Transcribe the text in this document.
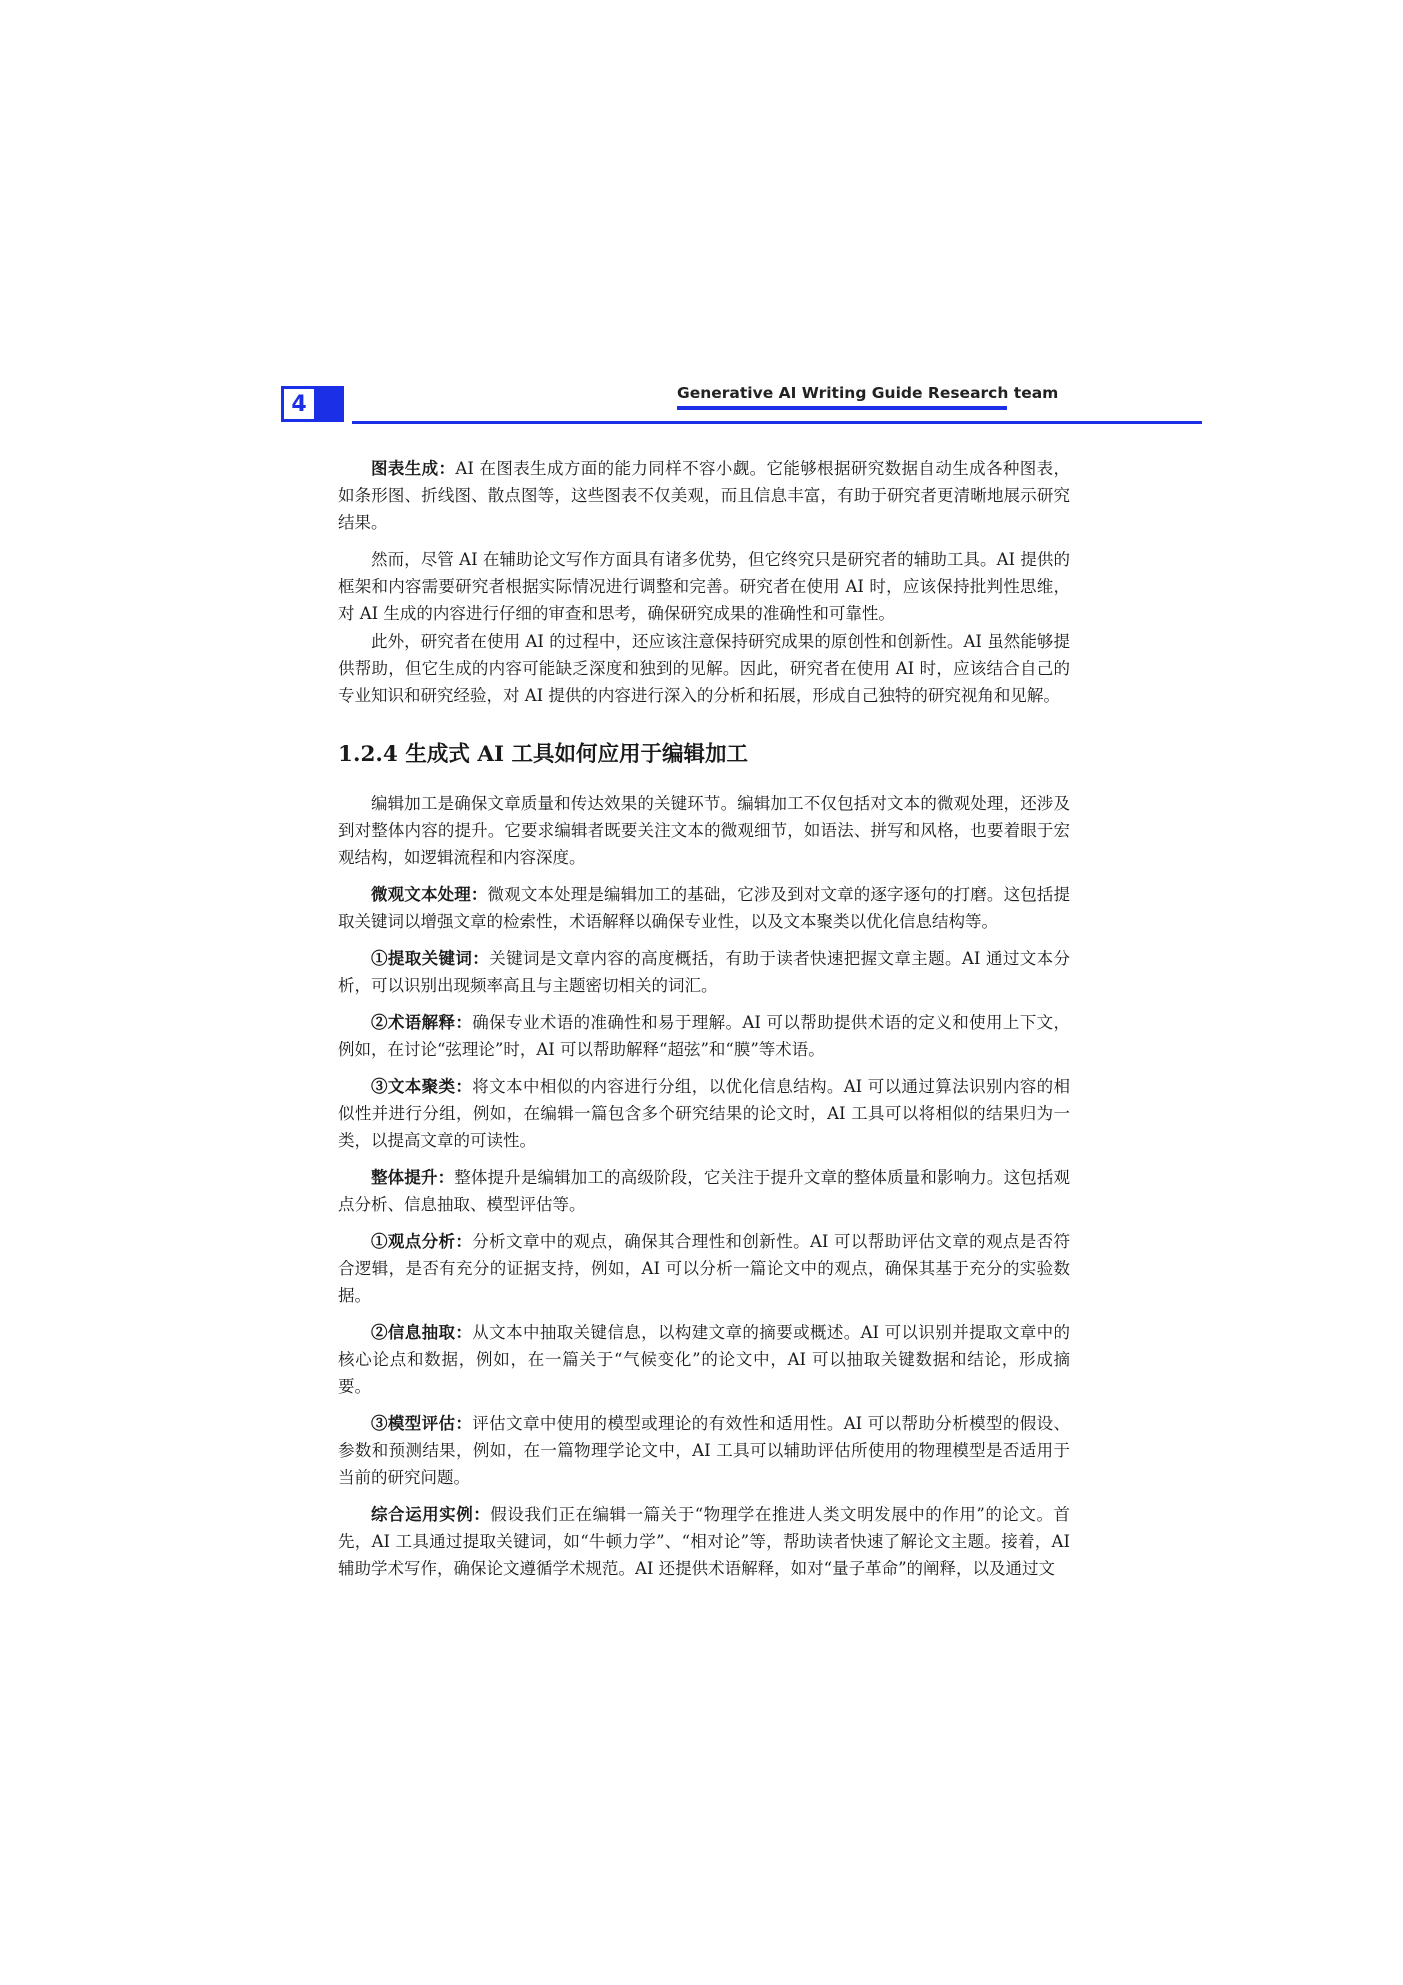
4	Generative AI Writing Guide Research team

图表生成：AI 在图表生成方面的能力同样不容小觑。它能够根据研究数据自动生成各种图表，如条形图、折线图、散点图等，这些图表不仅美观，而且信息丰富，有助于研究者更清晰地展示研究结果。

然而，尽管 AI 在辅助论文写作方面具有诸多优势，但它终究只是研究者的辅助工具。AI 提供的框架和内容需要研究者根据实际情况进行调整和完善。研究者在使用 AI 时，应该保持批判性思维，对 AI 生成的内容进行仔细的审查和思考，确保研究成果的准确性和可靠性。

此外，研究者在使用 AI 的过程中，还应该注意保持研究成果的原创性和创新性。AI 虽然能够提供帮助，但它生成的内容可能缺乏深度和独到的见解。因此，研究者在使用 AI 时，应该结合自己的专业知识和研究经验，对 AI 提供的内容进行深入的分析和拓展，形成自己独特的研究视角和见解。

1.2.4 生成式 AI 工具如何应用于编辑加工

编辑加工是确保文章质量和传达效果的关键环节。编辑加工不仅包括对文本的微观处理，还涉及到对整体内容的提升。它要求编辑者既要关注文本的微观细节，如语法、拼写和风格，也要着眼于宏观结构，如逻辑流程和内容深度。

微观文本处理：微观文本处理是编辑加工的基础，它涉及到对文章的逐字逐句的打磨。这包括提取关键词以增强文章的检索性，术语解释以确保专业性，以及文本聚类以优化信息结构等。

①提取关键词：关键词是文章内容的高度概括，有助于读者快速把握文章主题。AI 通过文本分析，可以识别出现频率高且与主题密切相关的词汇。

②术语解释：确保专业术语的准确性和易于理解。AI 可以帮助提供术语的定义和使用上下文，例如，在讨论“弦理论”时，AI 可以帮助解释“超弦”和“膜”等术语。

③文本聚类：将文本中相似的内容进行分组，以优化信息结构。AI 可以通过算法识别内容的相似性并进行分组，例如，在编辑一篇包含多个研究结果的论文时，AI 工具可以将相似的结果归为一类，以提高文章的可读性。

整体提升：整体提升是编辑加工的高级阶段，它关注于提升文章的整体质量和影响力。这包括观点分析、信息抽取、模型评估等。

①观点分析：分析文章中的观点，确保其合理性和创新性。AI 可以帮助评估文章的观点是否符合逻辑，是否有充分的证据支持，例如，AI 可以分析一篇论文中的观点，确保其基于充分的实验数据。

②信息抽取：从文本中抽取关键信息，以构建文章的摘要或概述。AI 可以识别并提取文章中的核心论点和数据，例如，在一篇关于“气候变化”的论文中，AI 可以抽取关键数据和结论，形成摘要。

③模型评估：评估文章中使用的模型或理论的有效性和适用性。AI 可以帮助分析模型的假设、参数和预测结果，例如，在一篇物理学论文中，AI 工具可以辅助评估所使用的物理模型是否适用于当前的研究问题。

综合运用实例：假设我们正在编辑一篇关于“物理学在推进人类文明发展中的作用”的论文。首先，AI 工具通过提取关键词，如“牛顿力学”、“相对论”等，帮助读者快速了解论文主题。接着，AI 辅助学术写作，确保论文遵循学术规范。AI 还提供术语解释，如对“量子革命”的阐释，以及通过文
